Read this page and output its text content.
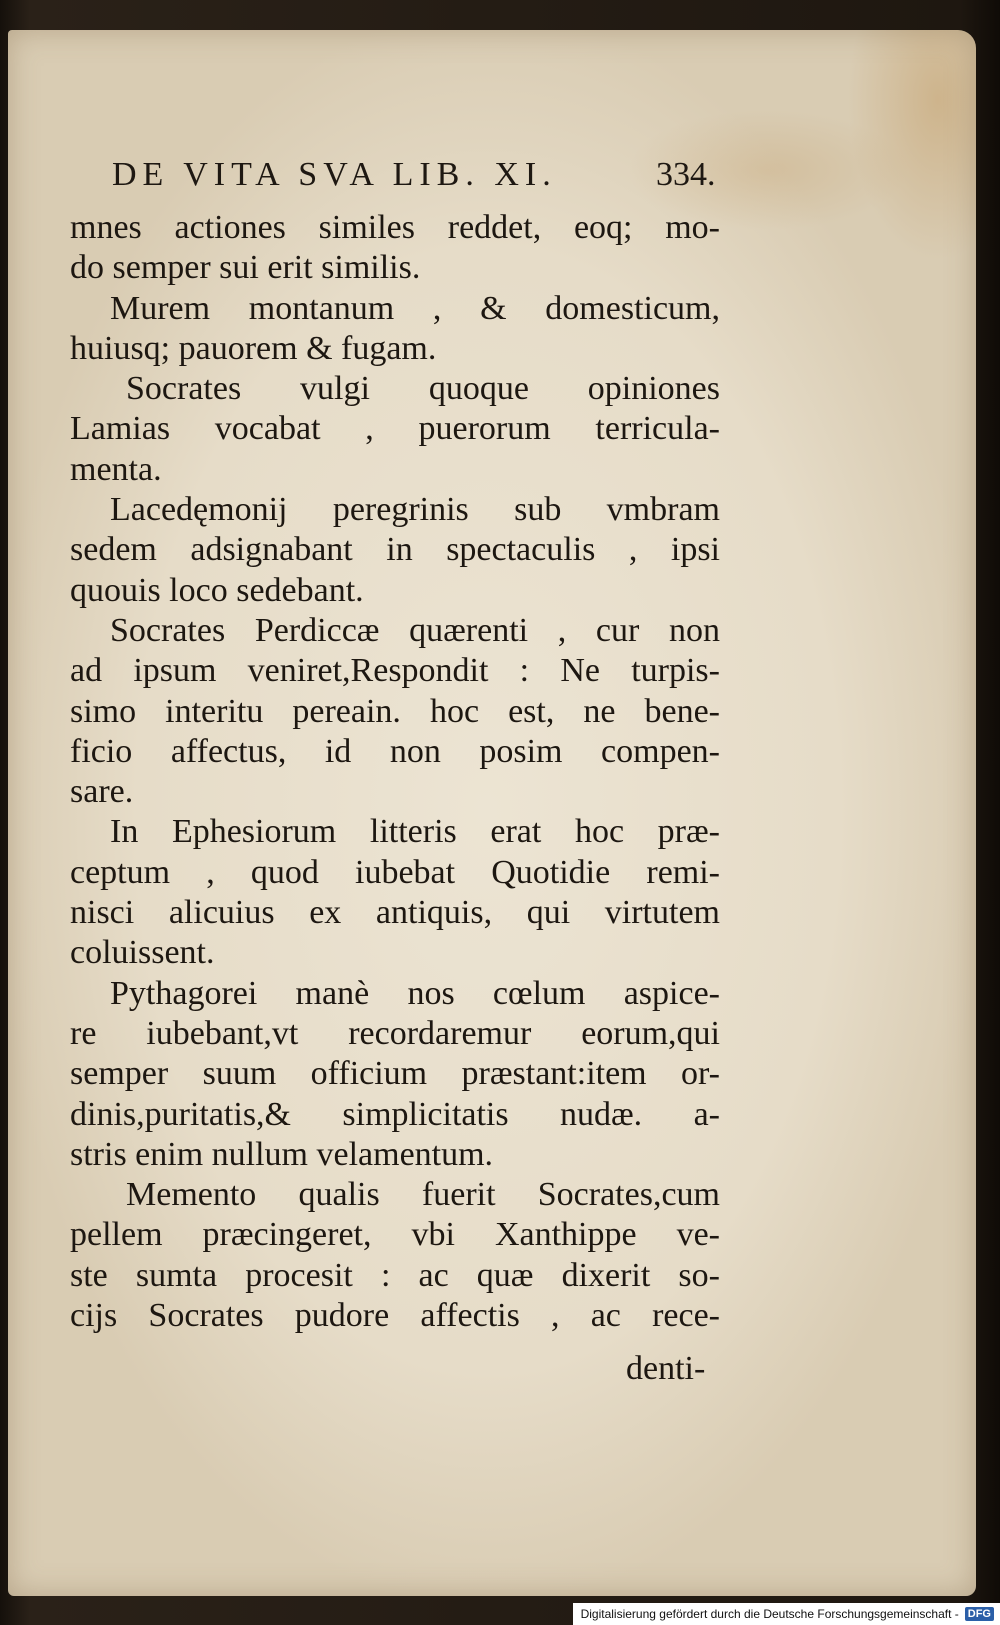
DE VITA SVA LIB. XI.	334.
mnes actiones similes reddet, eoq; mo-
do semper sui erit similis.
Murem montanum , & domesticum,
huiusq; pauorem & fugam.
Socrates vulgi quoque opiniones
Lamias vocabat , puerorum terricula-
menta.
Lacedęmonij peregrinis sub vmbram
sedem adsignabant in spectaculis , ipsi
quouis loco sedebant.
Socrates Perdiccæ quærenti , cur non
ad ipsum veniret,Respondit : Ne turpis-
simo interitu pereain. hoc est, ne bene-
ficio affectus, id non posim compen-
sare.
In Ephesiorum litteris erat hoc præ-
ceptum , quod iubebat Quotidie remi-
nisci alicuius ex antiquis, qui virtutem
coluissent.
Pythagorei manè nos cœlum aspice-
re iubebant,vt recordaremur eorum,qui
semper suum officium præstant:item or-
dinis,puritatis,& simplicitatis nudæ. a-
stris enim nullum velamentum.
Memento qualis fuerit Socrates,cum
pellem præcingeret, vbi Xanthippe ve-
ste sumta procesit : ac quæ dixerit so-
cijs Socrates pudore affectis , ac rece-
denti-
Digitalisierung gefördert durch die Deutsche Forschungsgemeinschaft - DFG
